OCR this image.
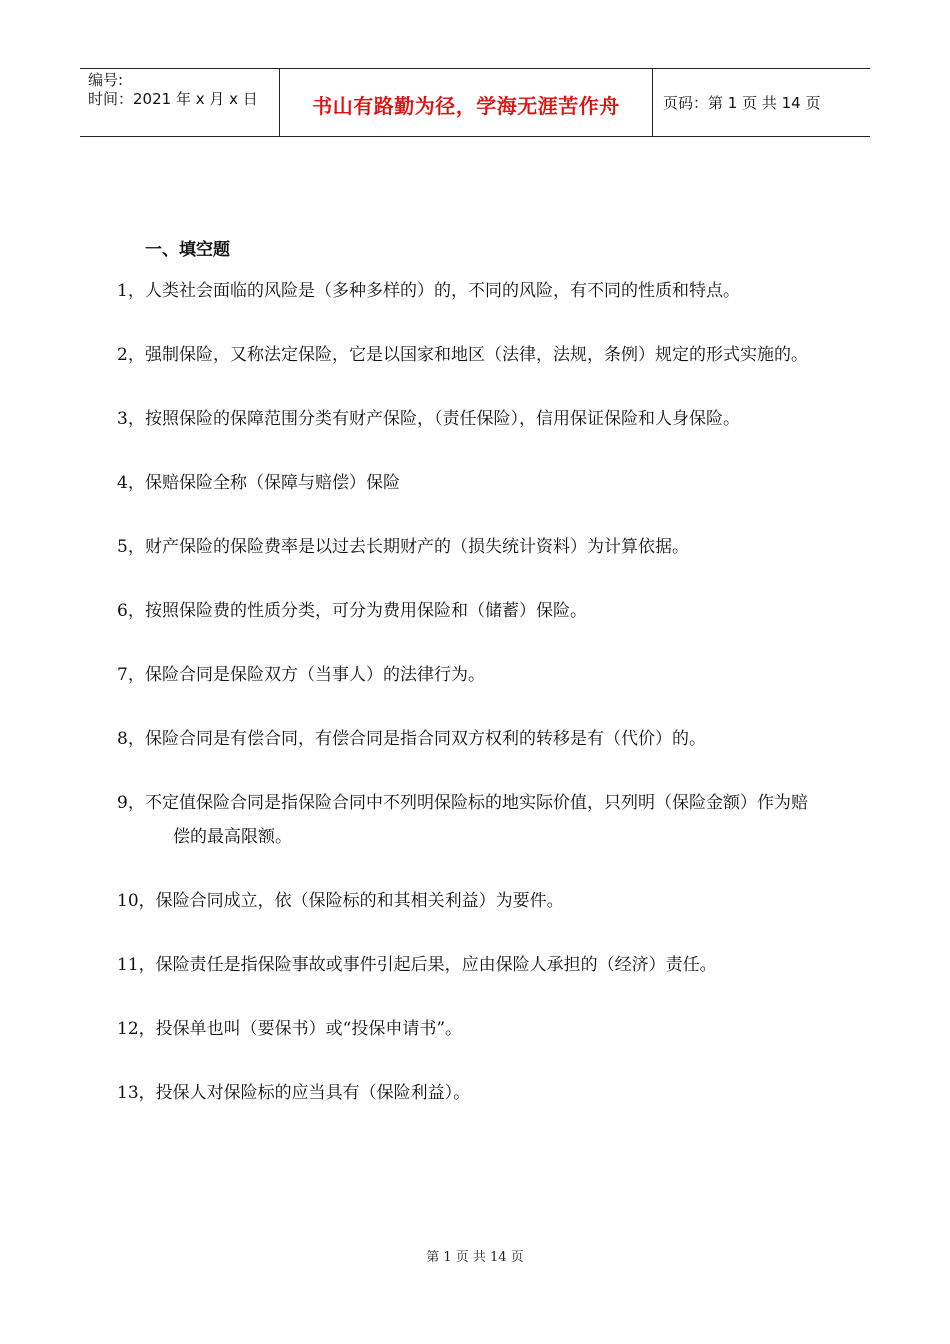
编号:
时间：2021 年 x 月 x 日	书山有路勤为径，学海无涯苦作舟	页码：第 1 页 共 14 页
一、填空题
1，人类社会面临的风险是（多种多样的）的，不同的风险，有不同的性质和特点。
2，强制保险，又称法定保险，它是以国家和地区（法律，法规，条例）规定的形式实施的。
3，按照保险的保障范围分类有财产保险，（责任保险），信用保证保险和人身保险。
4，保赔保险全称（保障与赔偿）保险
5，财产保险的保险费率是以过去长期财产的（损失统计资料）为计算依据。
6，按照保险费的性质分类，可分为费用保险和（储蓄）保险。
7，保险合同是保险双方（当事人）的法律行为。
8，保险合同是有偿合同，有偿合同是指合同双方权利的转移是有（代价）的。
9，不定值保险合同是指保险合同中不列明保险标的地实际价值，只列明（保险金额）作为赔偿的最高限额。
10，保险合同成立，依（保险标的和其相关利益）为要件。
11，保险责任是指保险事故或事件引起后果，应由保险人承担的（经济）责任。
12，投保单也叫（要保书）或“投保申请书”。
13，投保人对保险标的应当具有（保险利益）。
第 1 页 共 14 页
